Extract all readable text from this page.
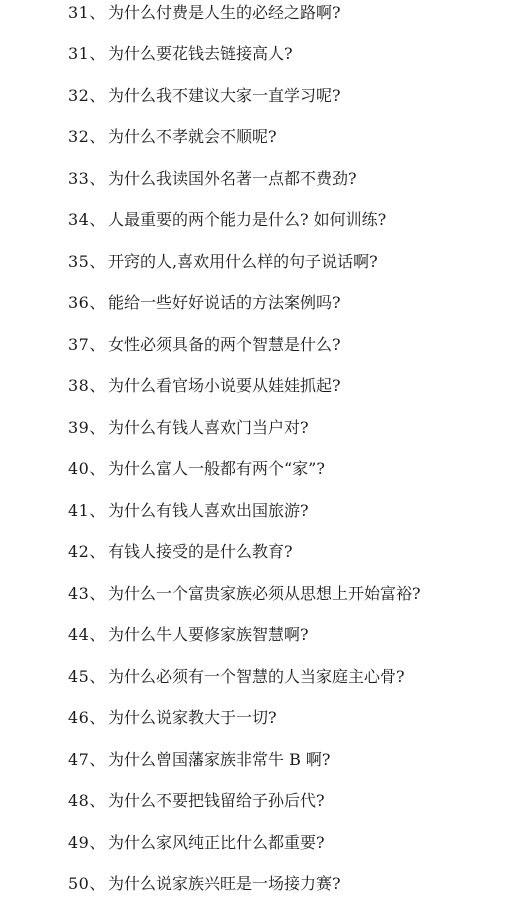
31、 为什么付费是人生的必经之路啊?
31、 为什么要花钱去链接高人?
32、为什么我不建议大家一直学习呢?
32、 为什么不孝就会不顺呢?
33、 为什么我读国外名著一点都不费劲?
34、人最重要的两个能力是什么? 如何训练?
35、 开窍的人,喜欢用什么样的句子说话啊?
36、 能给一些好好说话的方法案例吗?
37、 女性必须具备的两个智慧是什么?
38、 为什么看官场小说要从娃娃抓起?
39、 为什么有钱人喜欢门当户对?
40、 为什么富人一般都有两个“家”?
41、 为什么有钱人喜欢出国旅游?
42、 有钱人接受的是什么教育?
43、 为什么一个富贵家族必须从思想上开始富裕?
44、 为什么牛人要修家族智慧啊?
45、 为什么必须有一个智慧的人当家庭主心骨?
46、 为什么说家教大于一切?
47、 为什么曾国藩家族非常牛 B 啊?
48、 为什么不要把钱留给子孙后代?
49、 为什么家风纯正比什么都重要?
50、 为什么说家族兴旺是一场接力赛?
